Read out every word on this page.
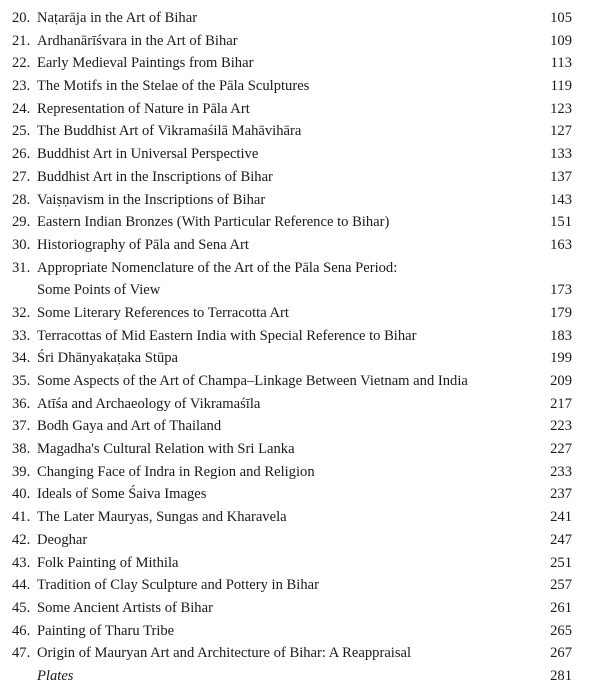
20. Naṭarāja in the Art of Bihar	105
21. Ardhanārīśvara in the Art of Bihar	109
22. Early Medieval Paintings from Bihar	113
23. The Motifs in the Stelae of the Pāla Sculptures	119
24. Representation of Nature in Pāla Art	123
25. The Buddhist Art of Vikramaśilā Mahāvihāra	127
26. Buddhist Art in Universal Perspective	133
27. Buddhist Art in the Inscriptions of Bihar	137
28. Vaiṣṇavism in the Inscriptions of Bihar	143
29. Eastern Indian Bronzes (With Particular Reference to Bihar)	151
30. Historiography of Pāla and Sena Art	163
31. Appropriate Nomenclature of the Art of the Pāla Sena Period:
Some Points of View	173
32. Some Literary References to Terracotta Art	179
33. Terracottas of Mid Eastern India with Special Reference to Bihar	183
34. Śri Dhānyakaṭaka Stūpa	199
35. Some Aspects of the Art of Champa–Linkage Between Vietnam and India	209
36. Atīśa and Archaeology of Vikramaśīla	217
37. Bodh Gaya and Art of Thailand	223
38. Magadha's Cultural Relation with Sri Lanka	227
39. Changing Face of Indra in Region and Religion	233
40. Ideals of Some Śaiva Images	237
41. The Later Mauryas, Sungas and Kharavela	241
42. Deoghar	247
43. Folk Painting of Mithila	251
44. Tradition of Clay Sculpture and Pottery in Bihar	257
45. Some Ancient Artists of Bihar	261
46. Painting of Tharu Tribe	265
47. Origin of Mauryan Art and Architecture of Bihar: A Reappraisal	267
Plates	281
